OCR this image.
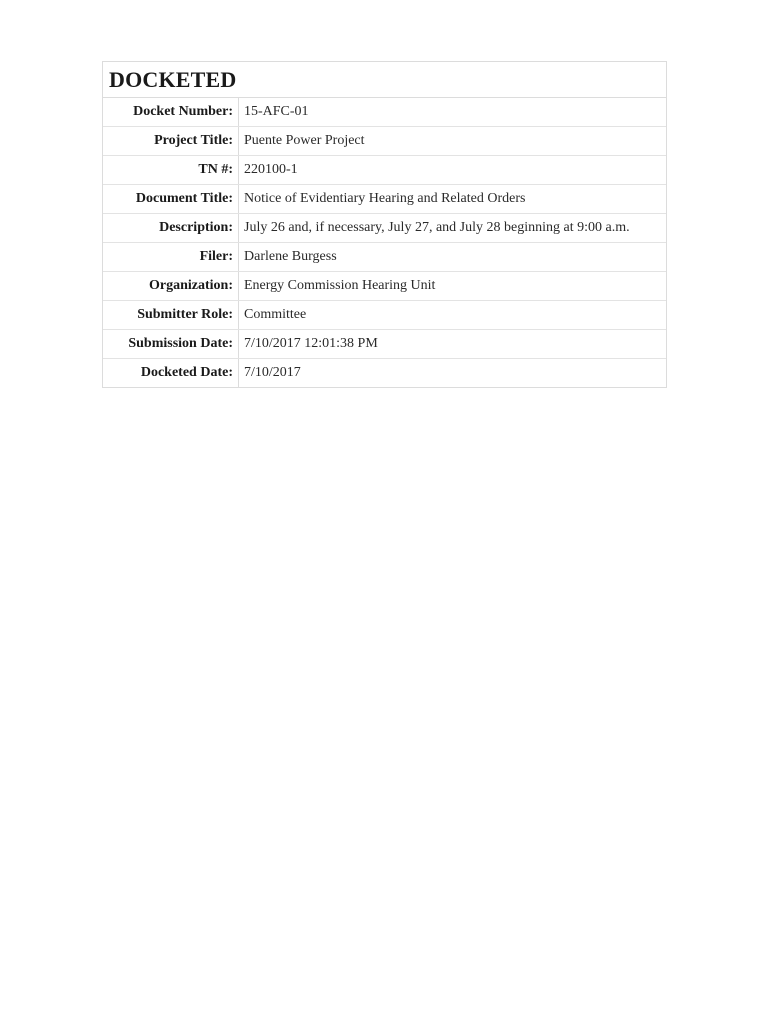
DOCKETED
Docket Number:	15-AFC-01
Project Title:	Puente Power Project
TN #:	220100-1
Document Title:	Notice of Evidentiary Hearing and Related Orders
Description:	July 26 and, if necessary, July 27, and July 28 beginning at 9:00 a.m.
Filer:	Darlene Burgess
Organization:	Energy Commission Hearing Unit
Submitter Role:	Committee
Submission Date:	7/10/2017 12:01:38 PM
Docketed Date:	7/10/2017
